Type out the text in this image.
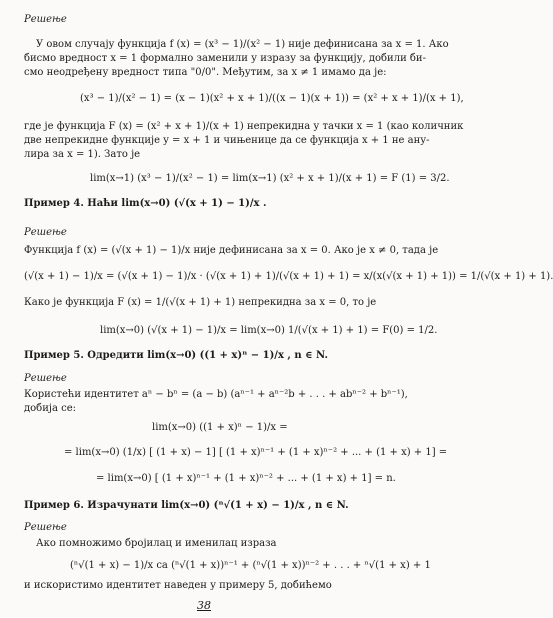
Решење
У овом случају функција f (x) = (x³ − 1)/(x² − 1) није дефинисана за x = 1. Ако
бисмо вредност x = 1 формално заменили у изразу за функцију, добили би-
смо неодређену вредност типа "0/0". Међутим, за x ≠ 1 имамо да је:
(x³ − 1)/(x² − 1) = (x − 1)(x² + x + 1)/((x − 1)(x + 1)) = (x² + x + 1)/(x + 1),
где је функција F (x) = (x² + x + 1)/(x + 1) непрекидна у тачки x = 1 (као количник
две непрекидне функције y = x + 1 и чињенице да се функција x + 1 не ану-
лира за x = 1). Зато је
lim(x→1) (x³ − 1)/(x² − 1) = lim(x→1) (x² + x + 1)/(x + 1) = F (1) = 3/2.
Пример 4. Наћи lim(x→0) (√(x + 1) − 1)/x .
Решење
Функција f (x) = (√(x + 1) − 1)/x није дефинисана за x = 0. Ако је x ≠ 0, тада је
(√(x + 1) − 1)/x = (√(x + 1) − 1)/x · (√(x + 1) + 1)/(√(x + 1) + 1) = x/(x(√(x + 1) + 1)) = 1/(√(x + 1) + 1).
Како је функција F (x) = 1/(√(x + 1) + 1) непрекидна за x = 0, то је
lim(x→0) (√(x + 1) − 1)/x = lim(x→0) 1/(√(x + 1) + 1) = F(0) = 1/2.
Пример 5. Одредити lim(x→0) ((1 + x)ⁿ − 1)/x , n ∈ N.
Решење
Користећи идентитет aⁿ − bⁿ = (a − b) (aⁿ⁻¹ + aⁿ⁻²b + . . . + abⁿ⁻² + bⁿ⁻¹),
добија се:
lim(x→0) ((1 + x)ⁿ − 1)/x =
= lim(x→0) (1/x) [ (1 + x) − 1] [ (1 + x)ⁿ⁻¹ + (1 + x)ⁿ⁻² + ... + (1 + x) + 1] =
= lim(x→0) [ (1 + x)ⁿ⁻¹ + (1 + x)ⁿ⁻² + ... + (1 + x) + 1] = n.
Пример 6. Израчунати lim(x→0) (ⁿ√(1 + x) − 1)/x , n ∈ N.
Решење
Ако помножимо бројилац и именилац израза
(ⁿ√(1 + x) − 1)/x са (ⁿ√(1 + x))ⁿ⁻¹ + (ⁿ√(1 + x))ⁿ⁻² + . . . + ⁿ√(1 + x) + 1
и искористимо идентитет наведен у примеру 5, добићемо
38
